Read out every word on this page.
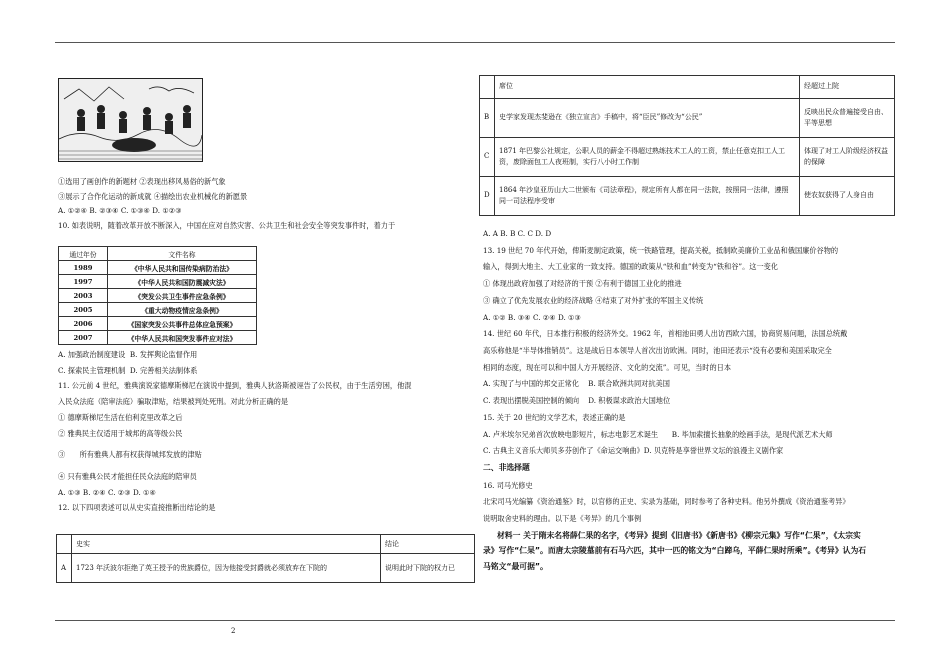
①选用了画创作的新题材 ②表现出移风易俗的新气象

③展示了合作化运动的新成就 ④描绘出农业机械化的新愿景

A. ①②④ B. ②③④ C. ①③④ D. ①②③

10. 如表说明，随着改革开放不断深入，中国在应对自然灾害、公共卫生和社会安全等突发事件时，着力于

通过年份	文件名称
1989	《中华人民共和国传染病防治法》
1997	《中华人民共和国防震减灾法》
2003	《突发公共卫生事件应急条例》
2005	《重大动物疫情应急条例》
2006	《国家突发公共事件总体应急预案》
2007	《中华人民共和国突发事件应对法》

A. 加强政治制度建设 B. 发挥舆论监督作用

C. 探索民主管理机制 D. 完善相关法制体系

11. 公元前 4 世纪，雅典演说家德摩斯梯尼在演说中提到，雅典人狄洛斯被诬告了公民权，由于生活穷困，他混

入民众法庭（陪审法庭）骗取津贴，结果被判处死刑。对此分析正确的是

① 德摩斯梯尼生活在伯利克里改革之后

② 雅典民主仅适用于城邦的高等级公民

③　　所有雅典人都有权获得城邦发放的津贴

④ 只有雅典公民才能担任民众法庭的陪审员

A. ①③ B. ②④ C. ②③ D. ①④

12. 以下四项表述可以从史实直接推断出结论的是

	史实	结论
A	1723 年沃波尔拒绝了英王授予的贵族爵位，因为他接受封爵就必须放弃在下院的	说明此时下院的权力已
	席位	经超过上院
B	史学家发现杰斐逊在《独立宣言》手稿中，将“臣民”修改为“公民”	反映出民众普遍接受自由、平等思想
C	1871 年巴黎公社规定，公职人员的薪金不得超过熟练技术工人的工资，禁止任意克扣工人工资，废除面包工人夜班制，实行八小时工作制	体现了对工人阶级经济权益的保障
D	1864 年沙皇亚历山大二世颁布《司法章程》，规定所有人都在同一法院，按照同一法律，遵照同一司法程序受审	使农奴获得了人身自由

A. A B. B C. C D. D

13. 19 世纪 70 年代开始，俾斯麦制定政策，统一铁路管理，提高关税，抵制欧美廉价工业品和俄国廉价谷物的

输入，得到大地主、大工业家的一致支持。德国的政策从“铁和血”转变为“铁和谷”。这一变化

① 体现出政府加强了对经济的干预 ②有利于德国工业化的推进

③ 确立了优先发展农业的经济战略 ④结束了对外扩张的军国主义传统

A. ①② B. ③④ C. ②④ D. ①③

14. 世纪 60 年代，日本推行积极的经济外交。1962 年，首相池田勇人出访西欧六国，协商贸易问题，法国总统戴

高乐称他是“半导体推销员”。这是战后日本领导人首次出访欧洲。同时，池田还表示“没有必要和美国采取完全

相同的态度，现在可以和中国人方开展经济、文化的交流”。可见，当时的日本

A. 实现了与中国的邦交正常化 B. 联合欧洲共同对抗美国

C. 表现出摆脱美国控制的倾向 D. 积极谋求政治大国地位

15. 关于 20 世纪的文学艺术，表述正确的是

A. 卢米埃尔兄弟首次放映电影短片，标志电影艺术诞生 B. 毕加索擅长抽象的绘画手法，是现代派艺术大师

C. 古典主义音乐大师贝多芬创作了《命运交响曲》D. 贝克特是享誉世界文坛的浪漫主义剧作家

二、非选择题

16. 司马光修史

北宋司马光编纂《资治通鉴》时，以官修的正史、实录为基础，同时参考了各种史料。他另外撰成《资治通鉴考异》

说明取舍史料的理由。以下是《考异》的几个事例

材料一 关于隋末名将薛仁果的名字，《考异》提到《旧唐书》《新唐书》《柳宗元集》写作“仁果”，《太宗实

录》写作“仁杲”。而唐太宗陵墓前有石马六匹，其中一匹的铭文为“白蹄乌，平薛仁果时所乘”。《考异》认为石

马铭文“最可据”。

2
